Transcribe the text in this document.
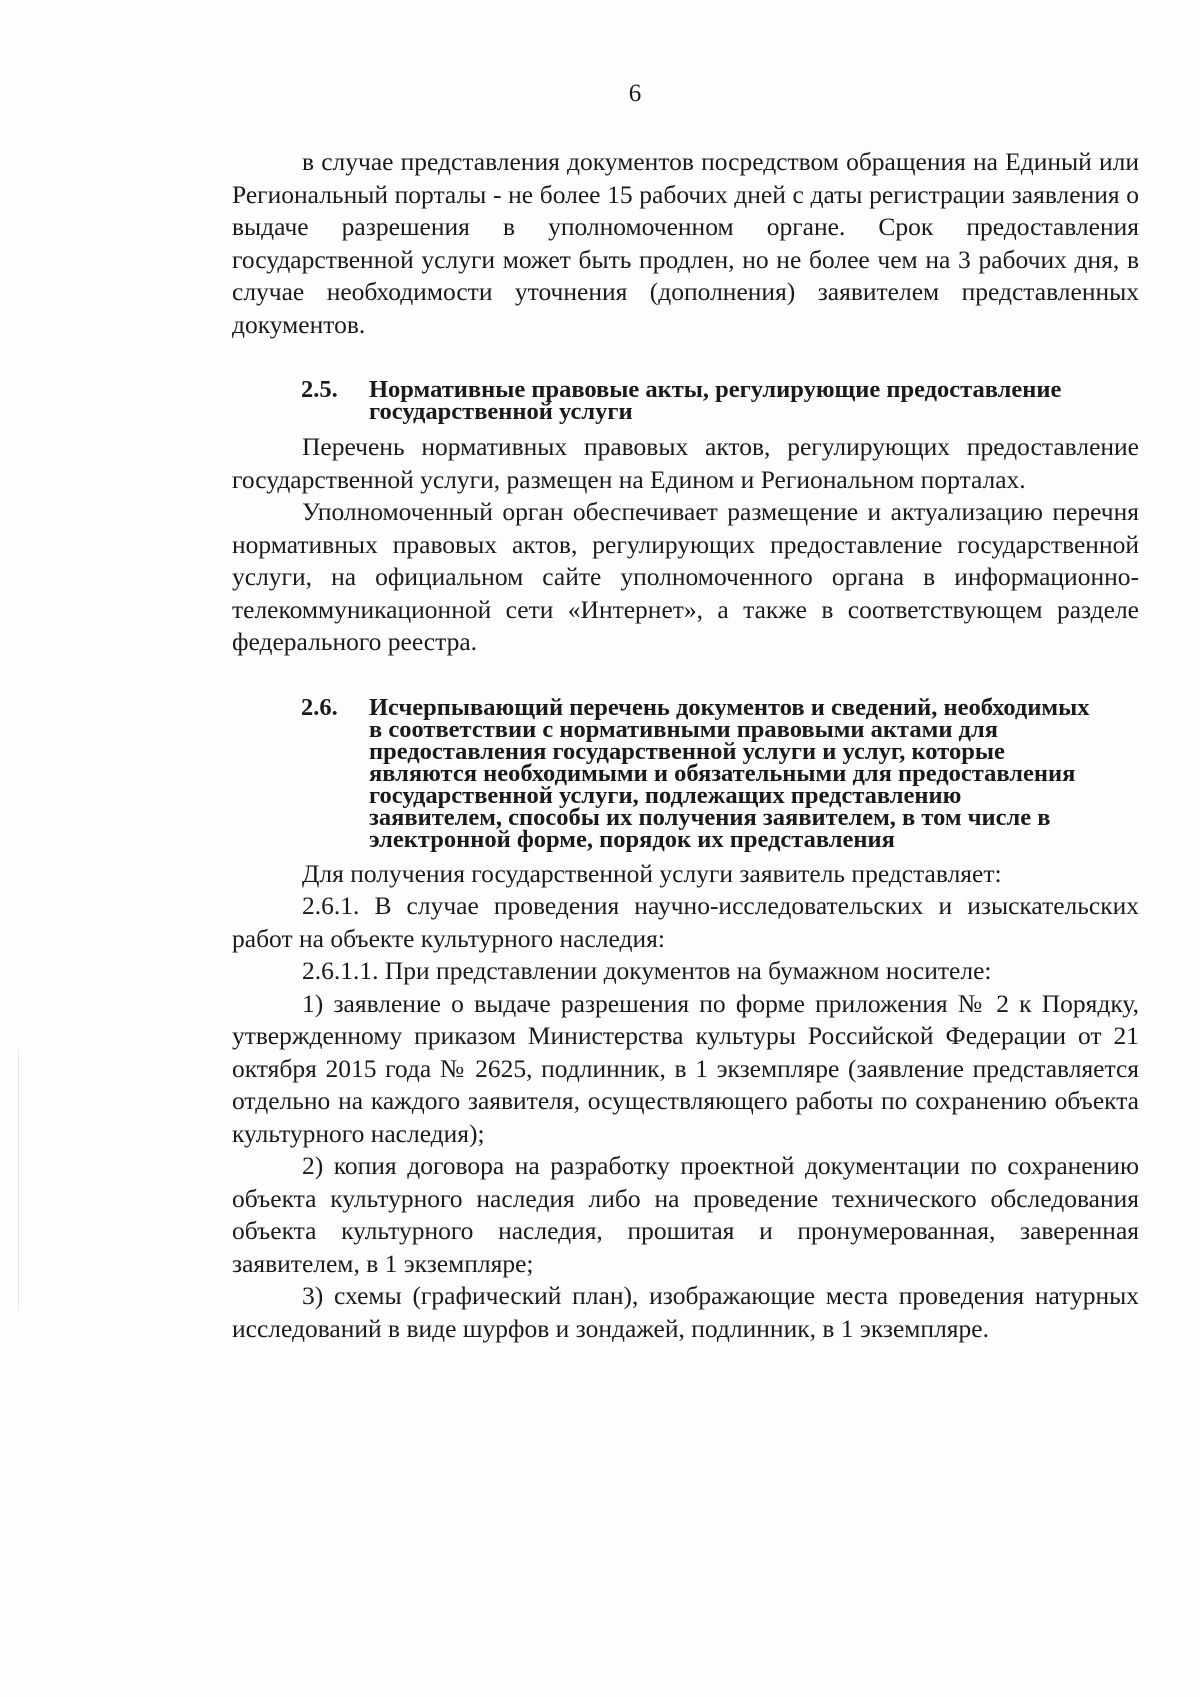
6

в случае представления документов посредством обращения на Единый или Региональный порталы - не более 15 рабочих дней с даты регистрации заявления о выдаче разрешения в уполномоченном органе. Срок предоставления государственной услуги может быть продлен, но не более чем на 3 рабочих дня, в случае необходимости уточнения (дополнения) заявителем представленных документов.

2.5.	Нормативные правовые акты, регулирующие предоставление государственной услуги

Перечень нормативных правовых актов, регулирующих предоставление государственной услуги, размещен на Едином и Региональном порталах.

Уполномоченный орган обеспечивает размещение и актуализацию перечня нормативных правовых актов, регулирующих предоставление государственной услуги, на официальном сайте уполномоченного органа в информационно-телекоммуникационной сети «Интернет», а также в соответствующем разделе федерального реестра.

2.6.	Исчерпывающий перечень документов и сведений, необходимых в соответствии с нормативными правовыми актами для предоставления государственной услуги и услуг, которые являются необходимыми и обязательными для предоставления государственной услуги, подлежащих представлению заявителем, способы их получения заявителем, в том числе в электронной форме, порядок их представления

Для получения государственной услуги заявитель представляет:

2.6.1. В случае проведения научно-исследовательских и изыскательских работ на объекте культурного наследия:

2.6.1.1. При представлении документов на бумажном носителе:

1) заявление о выдаче разрешения по форме приложения № 2 к Порядку, утвержденному приказом Министерства культуры Российской Федерации от 21 октября 2015 года № 2625, подлинник, в 1 экземпляре (заявление представляется отдельно на каждого заявителя, осуществляющего работы по сохранению объекта культурного наследия);

2) копия договора на разработку проектной документации по сохранению объекта культурного наследия либо на проведение технического обследования объекта культурного наследия, прошитая и пронумерованная, заверенная заявителем, в 1 экземпляре;

3) схемы (графический план), изображающие места проведения натурных исследований в виде шурфов и зондажей, подлинник, в 1 экземпляре.
